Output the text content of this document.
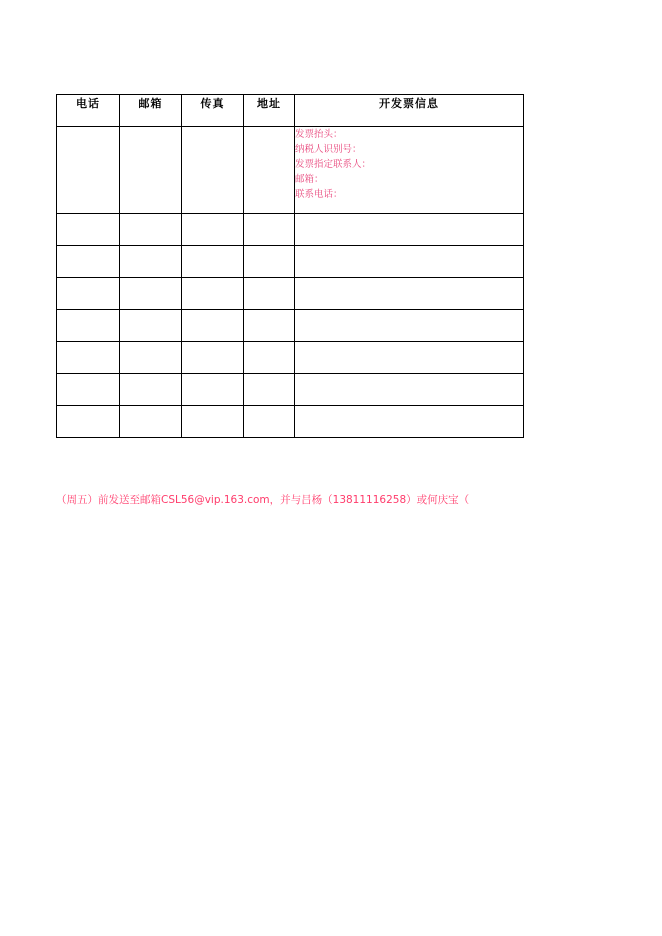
电话	邮箱	传真	地址	开发票信息

				发票抬头：
纳税人识别号：
发票指定联系人：
邮箱：
联系电话：

（周五）前发送至邮箱CSL56@vip.163.com，并与吕杨（13811116258）或何庆宝（
